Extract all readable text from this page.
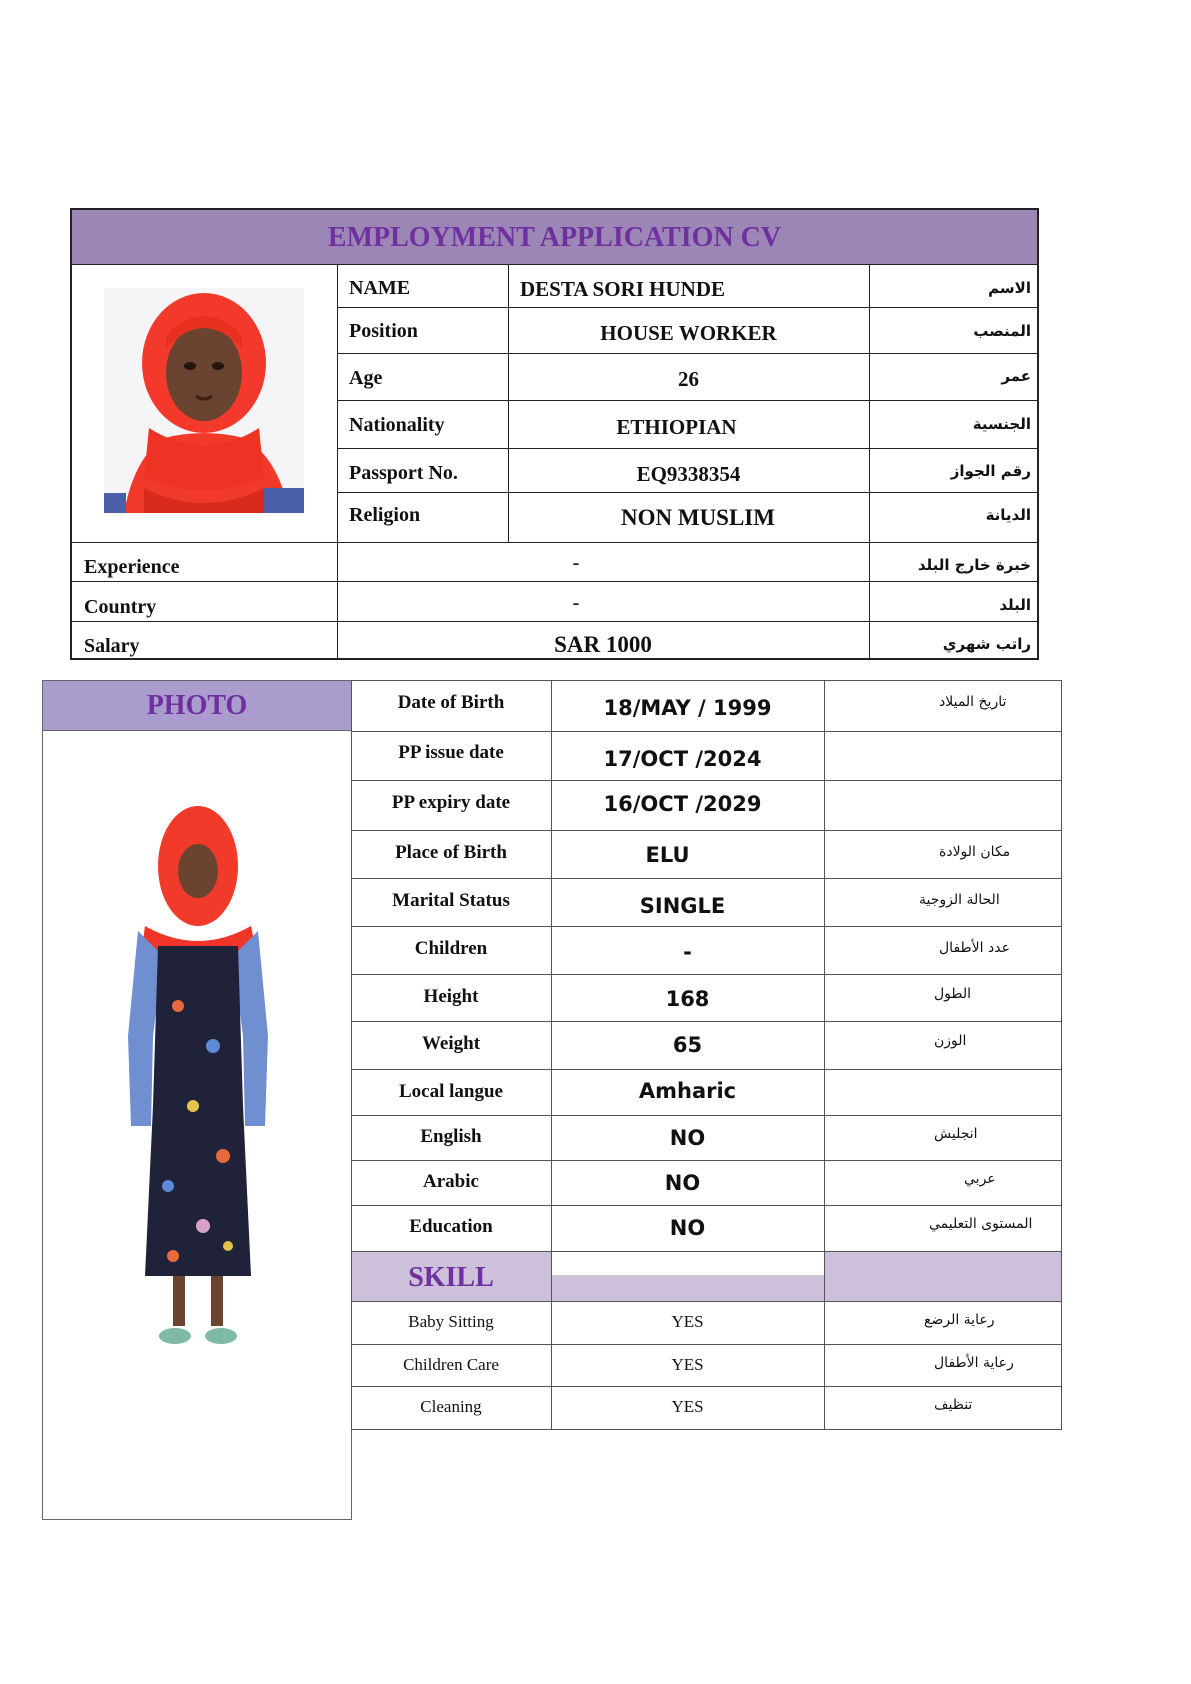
EMPLOYMENT APPLICATION CV
NAME	DESTA SORI HUNDE	الاسم
Position	HOUSE WORKER	المنصب
Age	26	عمر
Nationality	ETHIOPIAN	الجنسية
Passport No.	EQ9338354	رقم الجواز
Religion	NON MUSLIM	الديانة
Experience	-	خبرة خارج البلد
Country	-	البلد
Salary	SAR 1000	راتب شهري
PHOTO
SKILL
Date of Birth	18/MAY / 1999	تاريخ الميلاد
PP issue date	17/OCT /2024
PP expiry date	16/OCT /2029
Place of Birth	ELU	مكان الولادة
Marital Status	SINGLE	الحالة الزوجية
Children	-	عدد الأطفال
Height	168	الطول
Weight	65	الوزن
Local langue	Amharic
English	NO	انجليش
Arabic	NO	عربي
Education	NO	المستوى التعليمي
Baby Sitting	YES	رعاية الرضع
Children Care	YES	رعاية الأطفال
Cleaning	YES	تنظيف
